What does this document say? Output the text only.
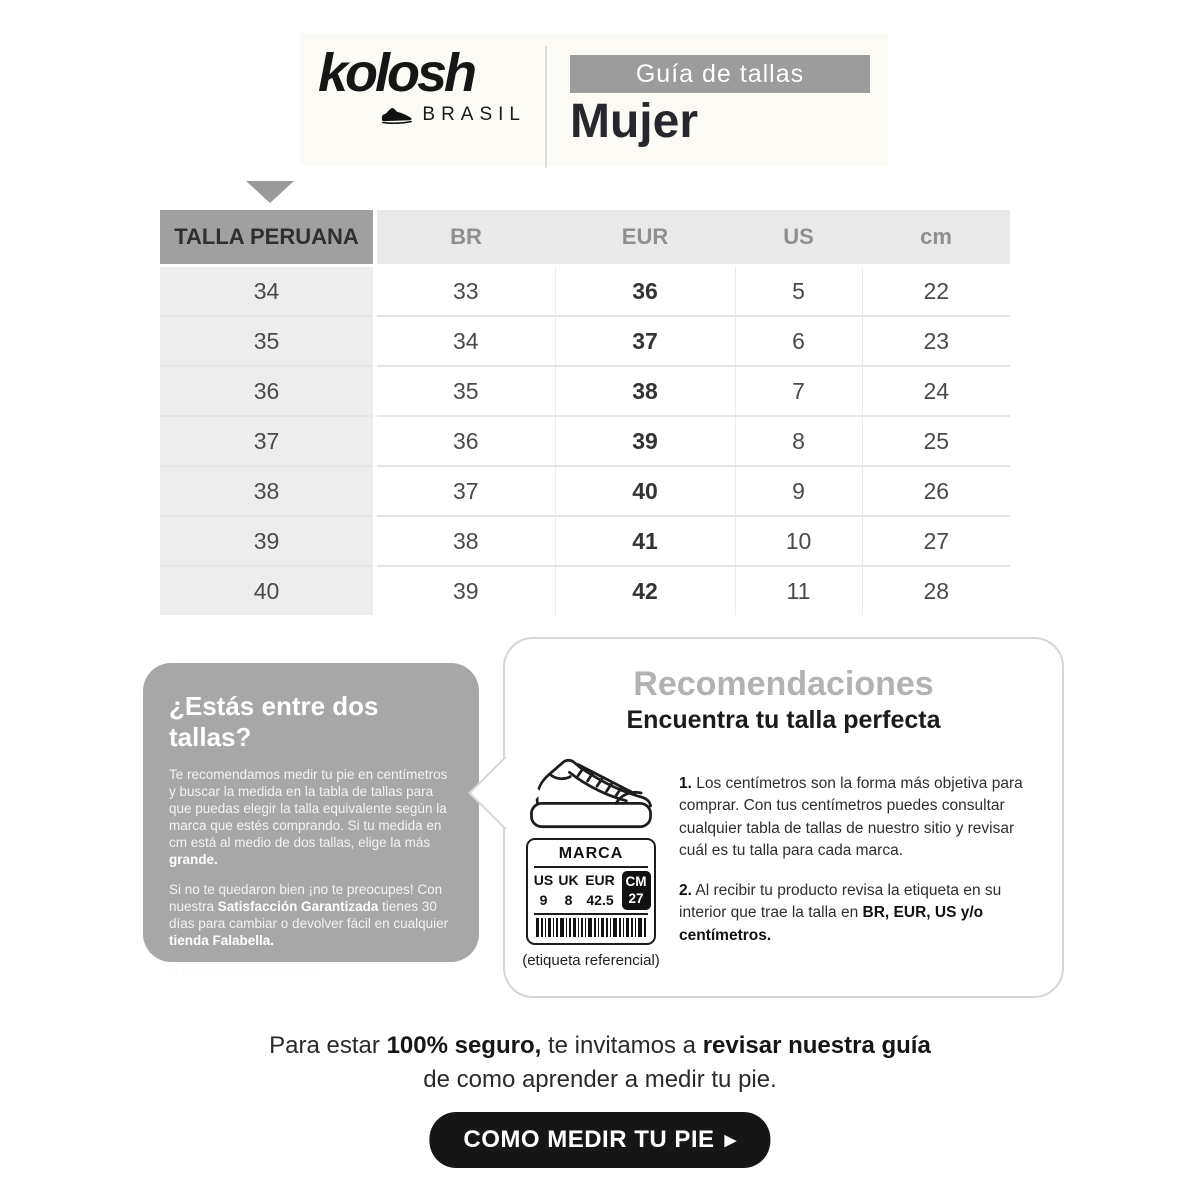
kolosh
BRASIL
Guía de tallas
Mujer
TALLA PERUANA	BR	EUR	US	cm
34	33	36	5	22
35	34	37	6	23
36	35	38	7	24
37	36	39	8	25
38	37	40	9	26
39	38	41	10	27
40	39	42	11	28
¿Estás entre dos tallas?

Te recomendamos medir tu pie en centímetros y buscar la medida en la tabla de tallas para que puedas elegir la talla equivalente según la marca que estés comprando. Si tu medida en cm está al medio de dos tallas, elige la más grande.

Si no te quedaron bien ¡no te preocupes! Con nuestra Satisfacción Garantizada tienes 30 días para cambiar o devolver fácil en cualquier tienda Falabella.

*Desde el 16.08.2022

Recomendaciones
Encuentra tu talla perfecta
MARCA
US UK EUR CM
27
9	8 42.5
(etiqueta referencial)

1. Los centímetros son la forma más objetiva para comprar. Con tus centímetros puedes consultar cualquier tabla de tallas de nuestro sitio y revisar cuál es tu talla para cada marca.

2. Al recibir tu producto revisa la etiqueta en su interior que trae la talla en BR, EUR, US y/o centímetros.

Para estar 100% seguro, te invitamos a revisar nuestra guía
de como aprender a medir tu pie.
COMO MEDIR TU PIE ▶
